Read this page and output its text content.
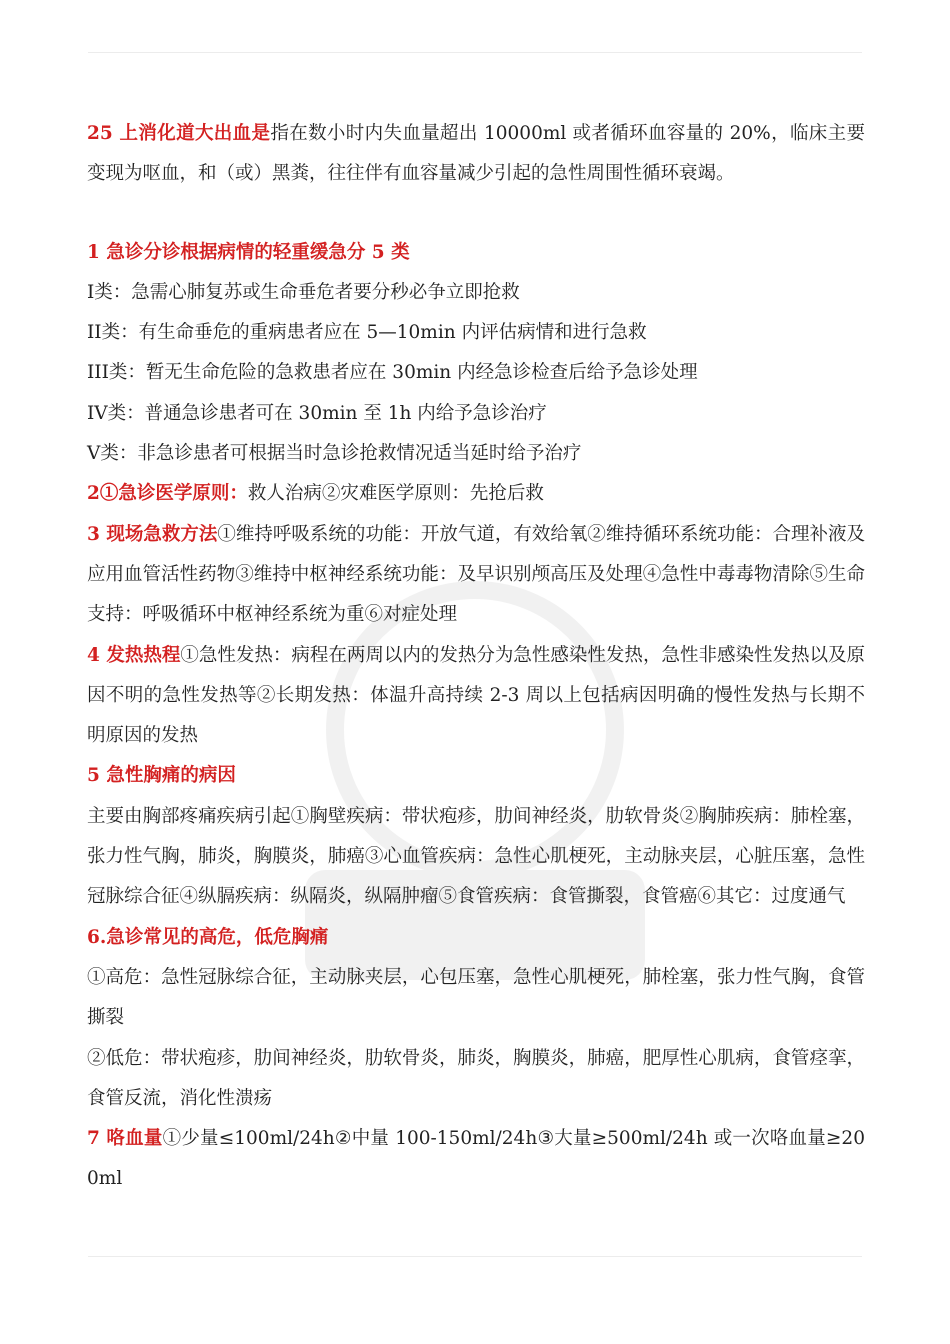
25 上消化道大出血是指在数小时内失血量超出 10000ml 或者循环血容量的 20%，临床主要变现为呕血，和（或）黑粪，往往伴有血容量减少引起的急性周围性循环衰竭。

1 急诊分诊根据病情的轻重缓急分 5 类

I类：急需心肺复苏或生命垂危者要分秒必争立即抢救

II类：有生命垂危的重病患者应在 5—10min 内评估病情和进行急救

III类：暂无生命危险的急救患者应在 30min 内经急诊检查后给予急诊处理

IV类：普通急诊患者可在 30min 至 1h 内给予急诊治疗

V类：非急诊患者可根据当时急诊抢救情况适当延时给予治疗

2①急诊医学原则：救人治病②灾难医学原则：先抢后救

3 现场急救方法①维持呼吸系统的功能：开放气道，有效给氧②维持循环系统功能：合理补液及应用血管活性药物③维持中枢神经系统功能：及早识别颅高压及处理④急性中毒毒物清除⑤生命支持：呼吸循环中枢神经系统为重⑥对症处理

4 发热热程①急性发热：病程在两周以内的发热分为急性感染性发热，急性非感染性发热以及原因不明的急性发热等②长期发热：体温升高持续 2-3 周以上包括病因明确的慢性发热与长期不明原因的发热

5 急性胸痛的病因

主要由胸部疼痛疾病引起①胸壁疾病：带状疱疹，肋间神经炎，肋软骨炎②胸肺疾病：肺栓塞，张力性气胸，肺炎，胸膜炎，肺癌③心血管疾病：急性心肌梗死，主动脉夹层，心脏压塞，急性冠脉综合征④纵膈疾病：纵隔炎，纵隔肿瘤⑤食管疾病：食管撕裂，食管癌⑥其它：过度通气

6.急诊常见的高危，低危胸痛

①高危：急性冠脉综合征，主动脉夹层，心包压塞，急性心肌梗死，肺栓塞，张力性气胸，食管撕裂

②低危：带状疱疹，肋间神经炎，肋软骨炎，肺炎，胸膜炎，肺癌，肥厚性心肌病，食管痉挛，食管反流，消化性溃疡

7 咯血量①少量≤100ml/24h②中量 100-150ml/24h③大量≥500ml/24h 或一次咯血量≥200ml
